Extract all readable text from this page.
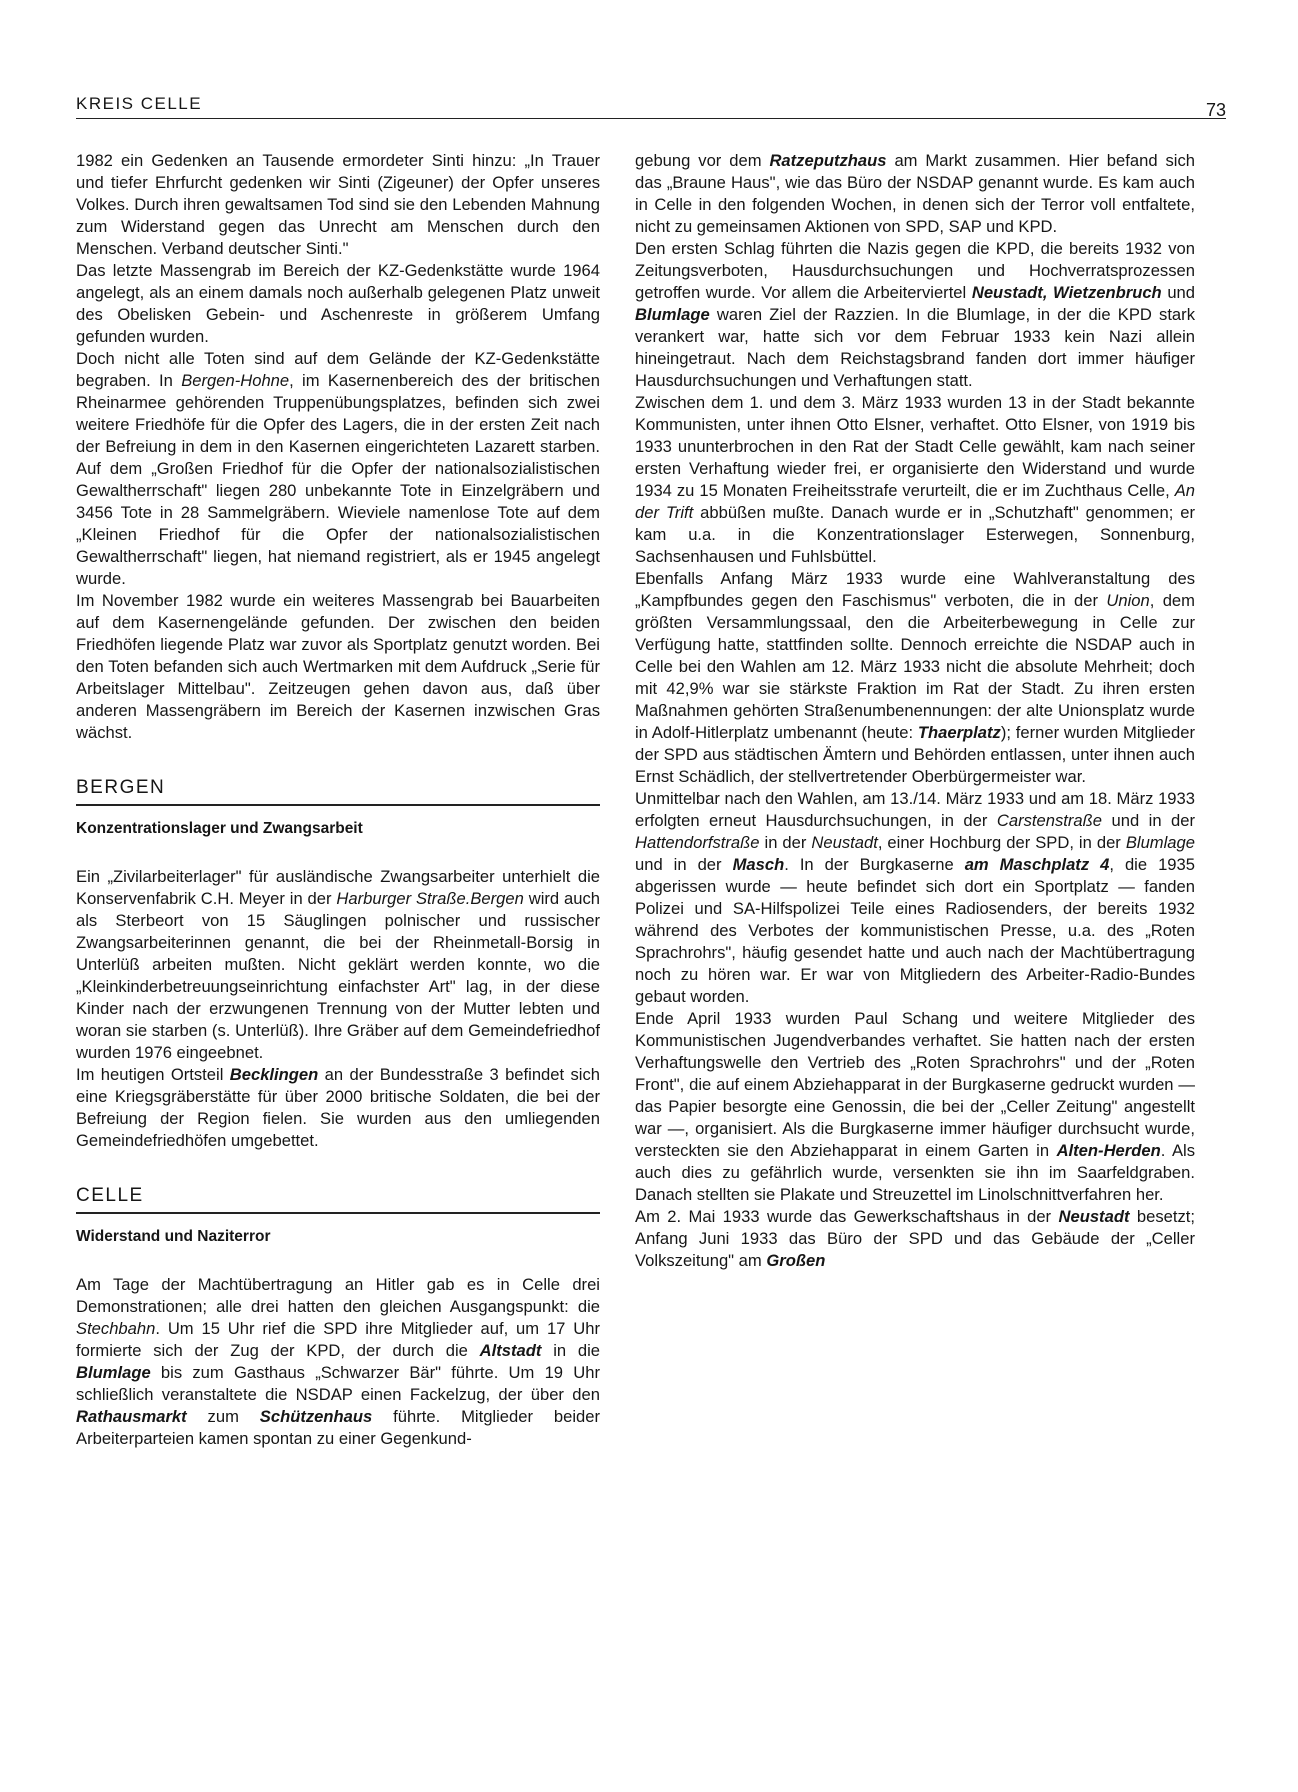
KREIS CELLE	73

1982 ein Gedenken an Tausende ermordeter Sinti hinzu: „In Trauer und tiefer Ehrfurcht gedenken wir Sinti (Zigeuner) der Opfer unseres Volkes. Durch ihren gewaltsamen Tod sind sie den Lebenden Mahnung zum Widerstand gegen das Unrecht am Menschen durch den Menschen. Verband deutscher Sinti."

Das letzte Massengrab im Bereich der KZ-Gedenkstätte wurde 1964 angelegt, als an einem damals noch außerhalb gelegenen Platz unweit des Obelisken Gebein- und Aschenreste in größerem Umfang gefunden wurden.

Doch nicht alle Toten sind auf dem Gelände der KZ-Gedenkstätte begraben. In Bergen-Hohne, im Kasernenbereich des der britischen Rheinarmee gehörenden Truppenübungsplatzes, befinden sich zwei weitere Friedhöfe für die Opfer des Lagers, die in der ersten Zeit nach der Befreiung in dem in den Kasernen eingerichteten Lazarett starben. Auf dem „Großen Friedhof für die Opfer der nationalsozialistischen Gewaltherrschaft" liegen 280 unbekannte Tote in Einzelgräbern und 3456 Tote in 28 Sammelgräbern. Wieviele namenlose Tote auf dem „Kleinen Friedhof für die Opfer der nationalsozialistischen Gewaltherrschaft" liegen, hat niemand registriert, als er 1945 angelegt wurde.

Im November 1982 wurde ein weiteres Massengrab bei Bauarbeiten auf dem Kasernengelände gefunden. Der zwischen den beiden Friedhöfen liegende Platz war zuvor als Sportplatz genutzt worden. Bei den Toten befanden sich auch Wertmarken mit dem Aufdruck „Serie für Arbeitslager Mittelbau". Zeitzeugen gehen davon aus, daß über anderen Massengräbern im Bereich der Kasernen inzwischen Gras wächst.

BERGEN
Konzentrationslager und Zwangsarbeit

Ein „Zivilarbeiterlager" für ausländische Zwangsarbeiter unterhielt die Konservenfabrik C.H. Meyer in der Harburger Straße.Bergen wird auch als Sterbeort von 15 Säuglingen polnischer und russischer Zwangsarbeiterinnen genannt, die bei der Rheinmetall-Borsig in Unterlüß arbeiten mußten. Nicht geklärt werden konnte, wo die „Kleinkinderbetreuungseinrichtung einfachster Art" lag, in der diese Kinder nach der erzwungenen Trennung von der Mutter lebten und woran sie starben (s. Unterlüß). Ihre Gräber auf dem Gemeindefriedhof wurden 1976 eingeebnet.

Im heutigen Ortsteil Becklingen an der Bundesstraße 3 befindet sich eine Kriegsgräberstätte für über 2000 britische Soldaten, die bei der Befreiung der Region fielen. Sie wurden aus den umliegenden Gemeindefriedhöfen umgebettet.

CELLE
Widerstand und Naziterror

Am Tage der Machtübertragung an Hitler gab es in Celle drei Demonstrationen; alle drei hatten den gleichen Ausgangspunkt: die Stechbahn. Um 15 Uhr rief die SPD ihre Mitglieder auf, um 17 Uhr formierte sich der Zug der KPD, der durch die Altstadt in die Blumlage bis zum Gasthaus „Schwarzer Bär" führte. Um 19 Uhr schließlich veranstaltete die NSDAP einen Fackelzug, der über den Rathausmarkt zum Schützenhaus führte. Mitglieder beider Arbeiterparteien kamen spontan zu einer Gegenkund-

gebung vor dem Ratzeputzhaus am Markt zusammen. Hier befand sich das „Braune Haus", wie das Büro der NSDAP genannt wurde. Es kam auch in Celle in den folgenden Wochen, in denen sich der Terror voll entfaltete, nicht zu gemeinsamen Aktionen von SPD, SAP und KPD.

Den ersten Schlag führten die Nazis gegen die KPD, die bereits 1932 von Zeitungsverboten, Hausdurchsuchungen und Hochverratsprozessen getroffen wurde. Vor allem die Arbeiterviertel Neustadt, Wietzenbruch und Blumlage waren Ziel der Razzien. In die Blumlage, in der die KPD stark verankert war, hatte sich vor dem Februar 1933 kein Nazi allein hineingetraut. Nach dem Reichstagsbrand fanden dort immer häufiger Hausdurchsuchungen und Verhaftungen statt.

Zwischen dem 1. und dem 3. März 1933 wurden 13 in der Stadt bekannte Kommunisten, unter ihnen Otto Elsner, verhaftet. Otto Elsner, von 1919 bis 1933 ununterbrochen in den Rat der Stadt Celle gewählt, kam nach seiner ersten Verhaftung wieder frei, er organisierte den Widerstand und wurde 1934 zu 15 Monaten Freiheitsstrafe verurteilt, die er im Zuchthaus Celle, An der Trift abbüßen mußte. Danach wurde er in „Schutzhaft" genommen; er kam u.a. in die Konzentrationslager Esterwegen, Sonnenburg, Sachsenhausen und Fuhlsbüttel.

Ebenfalls Anfang März 1933 wurde eine Wahlveranstaltung des „Kampfbundes gegen den Faschismus" verboten, die in der Union, dem größten Versammlungssaal, den die Arbeiterbewegung in Celle zur Verfügung hatte, stattfinden sollte. Dennoch erreichte die NSDAP auch in Celle bei den Wahlen am 12. März 1933 nicht die absolute Mehrheit; doch mit 42,9% war sie stärkste Fraktion im Rat der Stadt. Zu ihren ersten Maßnahmen gehörten Straßenumbenennungen: der alte Unionsplatz wurde in Adolf-Hitlerplatz umbenannt (heute: Thaerplatz); ferner wurden Mitglieder der SPD aus städtischen Ämtern und Behörden entlassen, unter ihnen auch Ernst Schädlich, der stellvertretender Oberbürgermeister war.

Unmittelbar nach den Wahlen, am 13./14. März 1933 und am 18. März 1933 erfolgten erneut Hausdurchsuchungen, in der Carstenstraße und in der Hattendorfstraße in der Neustadt, einer Hochburg der SPD, in der Blumlage und in der Masch. In der Burgkaserne am Maschplatz 4, die 1935 abgerissen wurde — heute befindet sich dort ein Sportplatz — fanden Polizei und SA-Hilfspolizei Teile eines Radiosenders, der bereits 1932 während des Verbotes der kommunistischen Presse, u.a. des „Roten Sprachrohrs", häufig gesendet hatte und auch nach der Machtübertragung noch zu hören war. Er war von Mitgliedern des Arbeiter-Radio-Bundes gebaut worden.

Ende April 1933 wurden Paul Schang und weitere Mitglieder des Kommunistischen Jugendverbandes verhaftet. Sie hatten nach der ersten Verhaftungswelle den Vertrieb des „Roten Sprachrohrs" und der „Roten Front", die auf einem Abziehapparat in der Burgkaserne gedruckt wurden — das Papier besorgte eine Genossin, die bei der „Celler Zeitung" angestellt war —, organisiert. Als die Burgkaserne immer häufiger durchsucht wurde, versteckten sie den Abziehapparat in einem Garten in Alten-Herden. Als auch dies zu gefährlich wurde, versenkten sie ihn im Saarfeldgraben. Danach stellten sie Plakate und Streuzettel im Linolschnittverfahren her.

Am 2. Mai 1933 wurde das Gewerkschaftshaus in der Neustadt besetzt; Anfang Juni 1933 das Büro der SPD und das Gebäude der „Celler Volkszeitung" am Großen
